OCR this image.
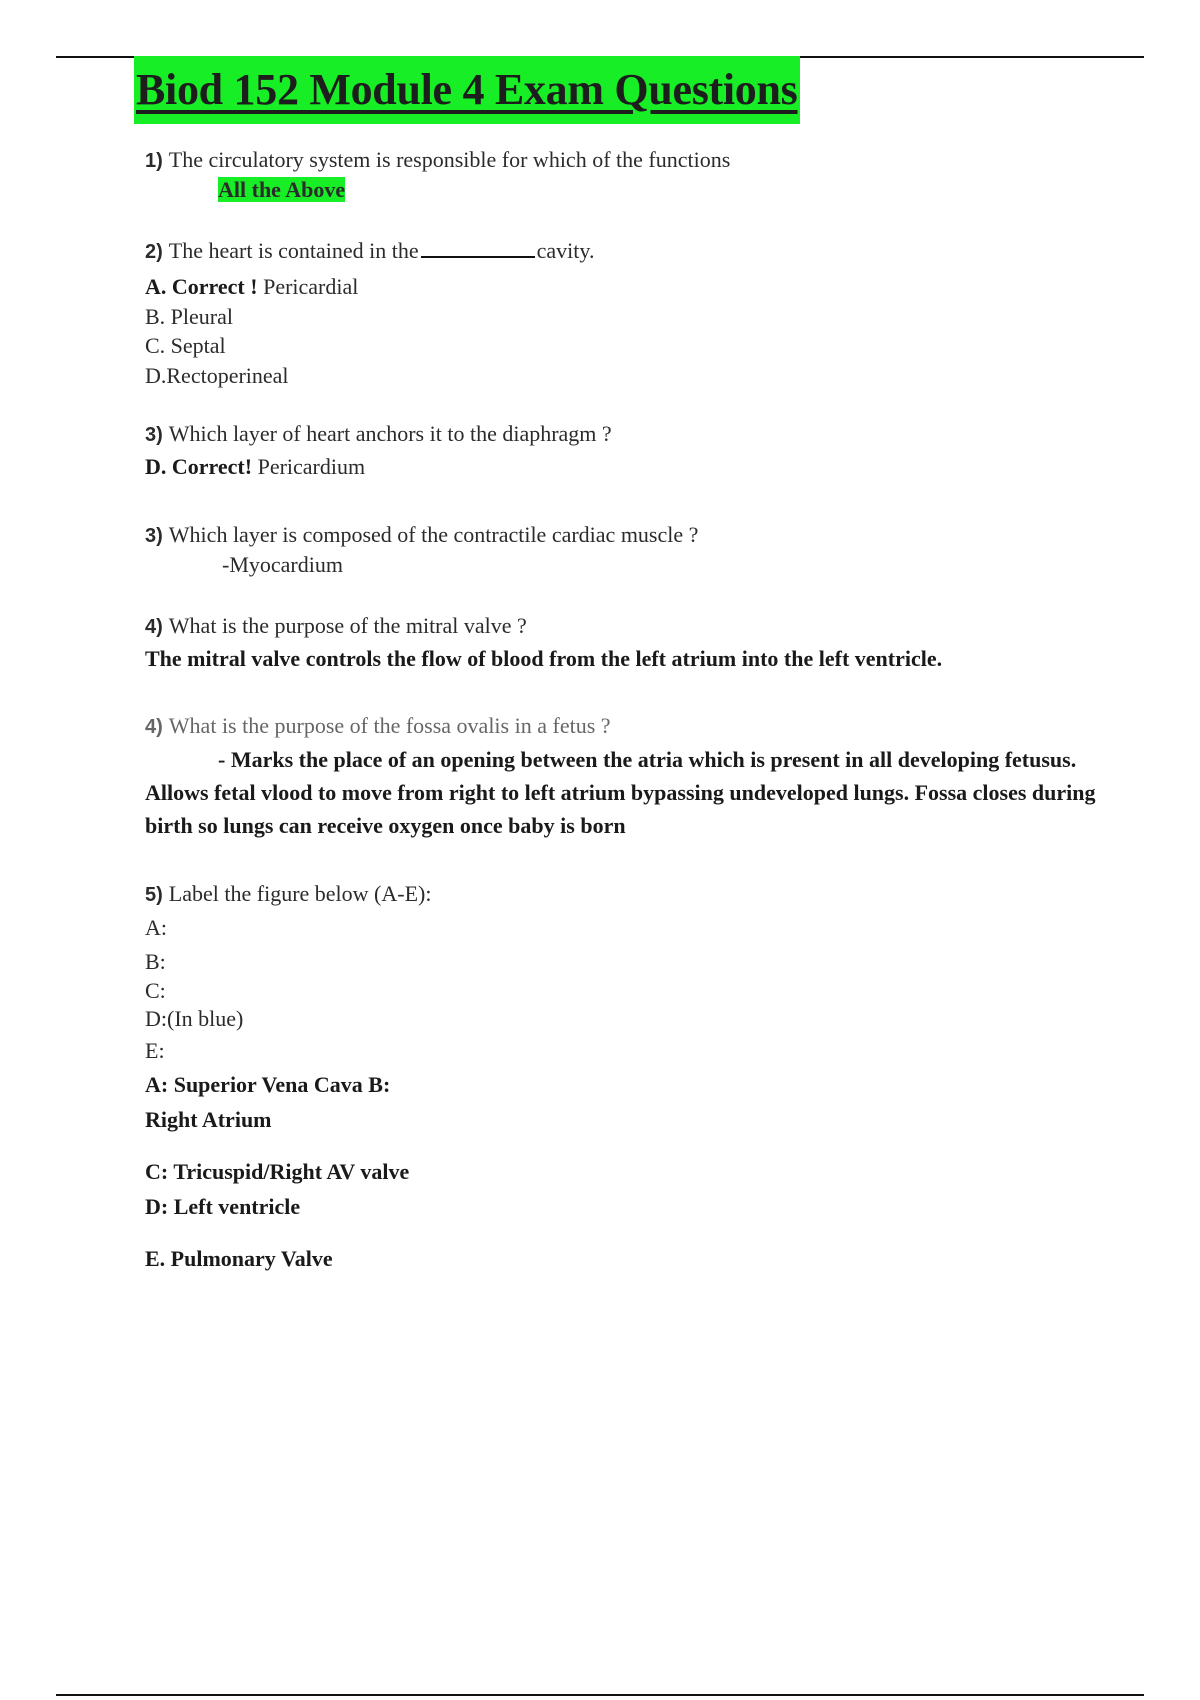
Biod 152 Module 4 Exam Questions
1) The circulatory system is responsible for which of the functions
All the Above
2) The heart is contained in the	cavity.
A. Correct ! Pericardial
B. Pleural
C. Septal
D.Rectoperineal
3) Which layer of heart anchors it to the diaphragm ?
D. Correct! Pericardium
3) Which layer is composed of the contractile cardiac muscle ?
-Myocardium
4) What is the purpose of the mitral valve ?
The mitral valve controls the flow of blood from the left atrium into the left ventricle.
4) What is the purpose of the fossa ovalis in a fetus ?
- Marks the place of an opening between the atria which is present in all developing fetusus.
Allows fetal vlood to move from right to left atrium bypassing undeveloped lungs. Fossa closes during
birth so lungs can receive oxygen once baby is born
5) Label the figure below (A-E):
A:
B:
C:
D:(In blue)
E:
A: Superior Vena Cava B:
Right Atrium
C: Tricuspid/Right AV valve
D: Left ventricle
E. Pulmonary Valve
